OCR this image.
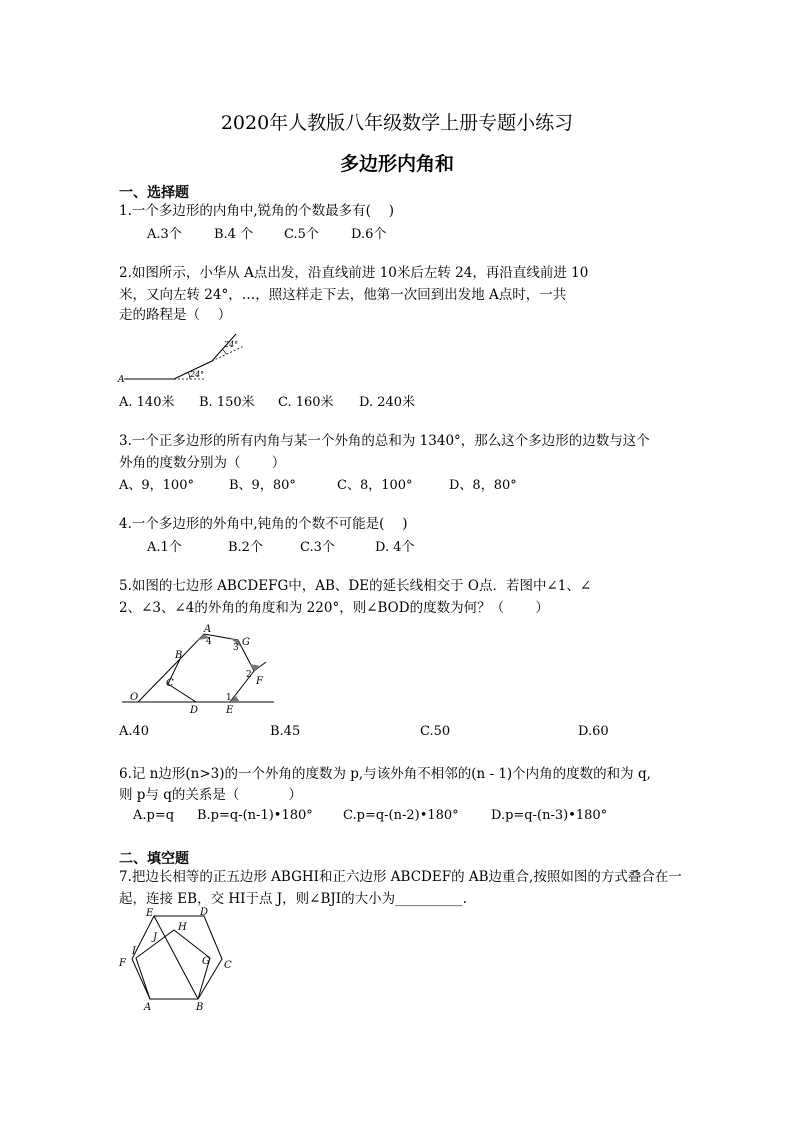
2020年人教版八年级数学上册专题小练习
多边形内角和
一、选择题
1.一个多边形的内角中,锐角的个数最多有(　 )
A.3个 B.4 个 C.5个 D.6个
2.如图所示，小华从 A点出发，沿直线前进 10米后左转 24，再沿直线前进 10
米，又向左转 24°，…，照这样走下去，他第一次回到出发地 A点时，一共
走的路程是（　 ）
A
24°
24°
A. 140米 B. 150米 C. 160米 D. 240米
3.一个正多边形的所有内角与某一个外角的总和为 1340°，那么这个多边形的边数与这个
外角的度数分别为（　 　）
A、9，100°	B、9，80°	C、8，100°	D、8，80°
4.一个多边形的外角中,钝角的个数不可能是(　 )
A.1个	B.2个	C.3个	D. 4个
5.如图的七边形 ABCDEFG中，AB、DE的延长线相交于 O点．若图中∠1、∠
2、∠3、∠4的外角的角度和为 220°，则∠BOD的度数为何？（　 　）
A
B
C
D	E
F
G
O	1
2
3
4
A.40	B.45	C.50	D.60
6.记 n边形(n>3)的一个外角的度数为 p,与该外角不相邻的(n - 1)个内角的度数的和为 q,
则 p与 q的关系是（　 　 　）
A.p=q B.p=q-(n-1)•180° C.p=q-(n-2)•180° D.p=q-(n-3)•180°
二、填空题
7.把边长相等的正五边形 ABGHI和正六边形 ABCDEF的 AB边重合,按照如图的方式叠合在一
起，连接 EB，交 HI于点 J，则∠BJI的大小为__________.
E	D
J
H
I
F	G C
A	B
